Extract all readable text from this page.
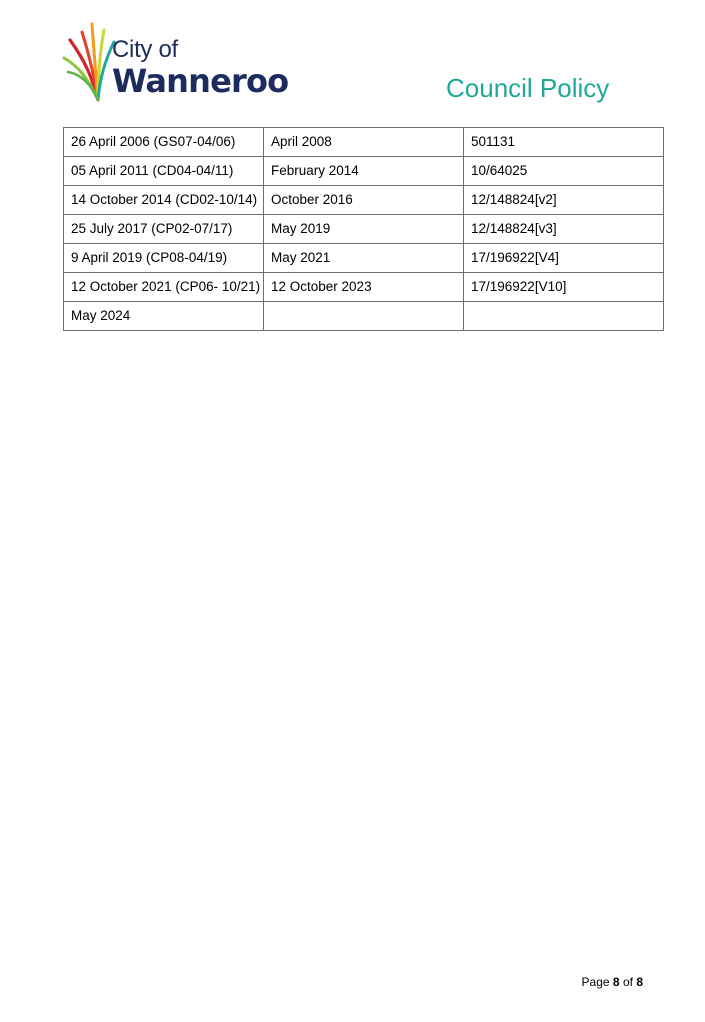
City of
Wanneroo	Council Policy
26 April 2006 (GS07-04/06)	April 2008	501131
05 April 2011 (CD04-04/11)	February 2014	10/64025
14 October 2014 (CD02-10/14)	October 2016	12/148824[v2]
25 July 2017 (CP02-07/17)	May 2019	12/148824[v3]
9 April 2019 (CP08-04/19)	May 2021	17/196922[V4]
12 October 2021 (CP06- 10/21)	12 October 2023	17/196922[V10]
May 2024		
Page 8 of 8
